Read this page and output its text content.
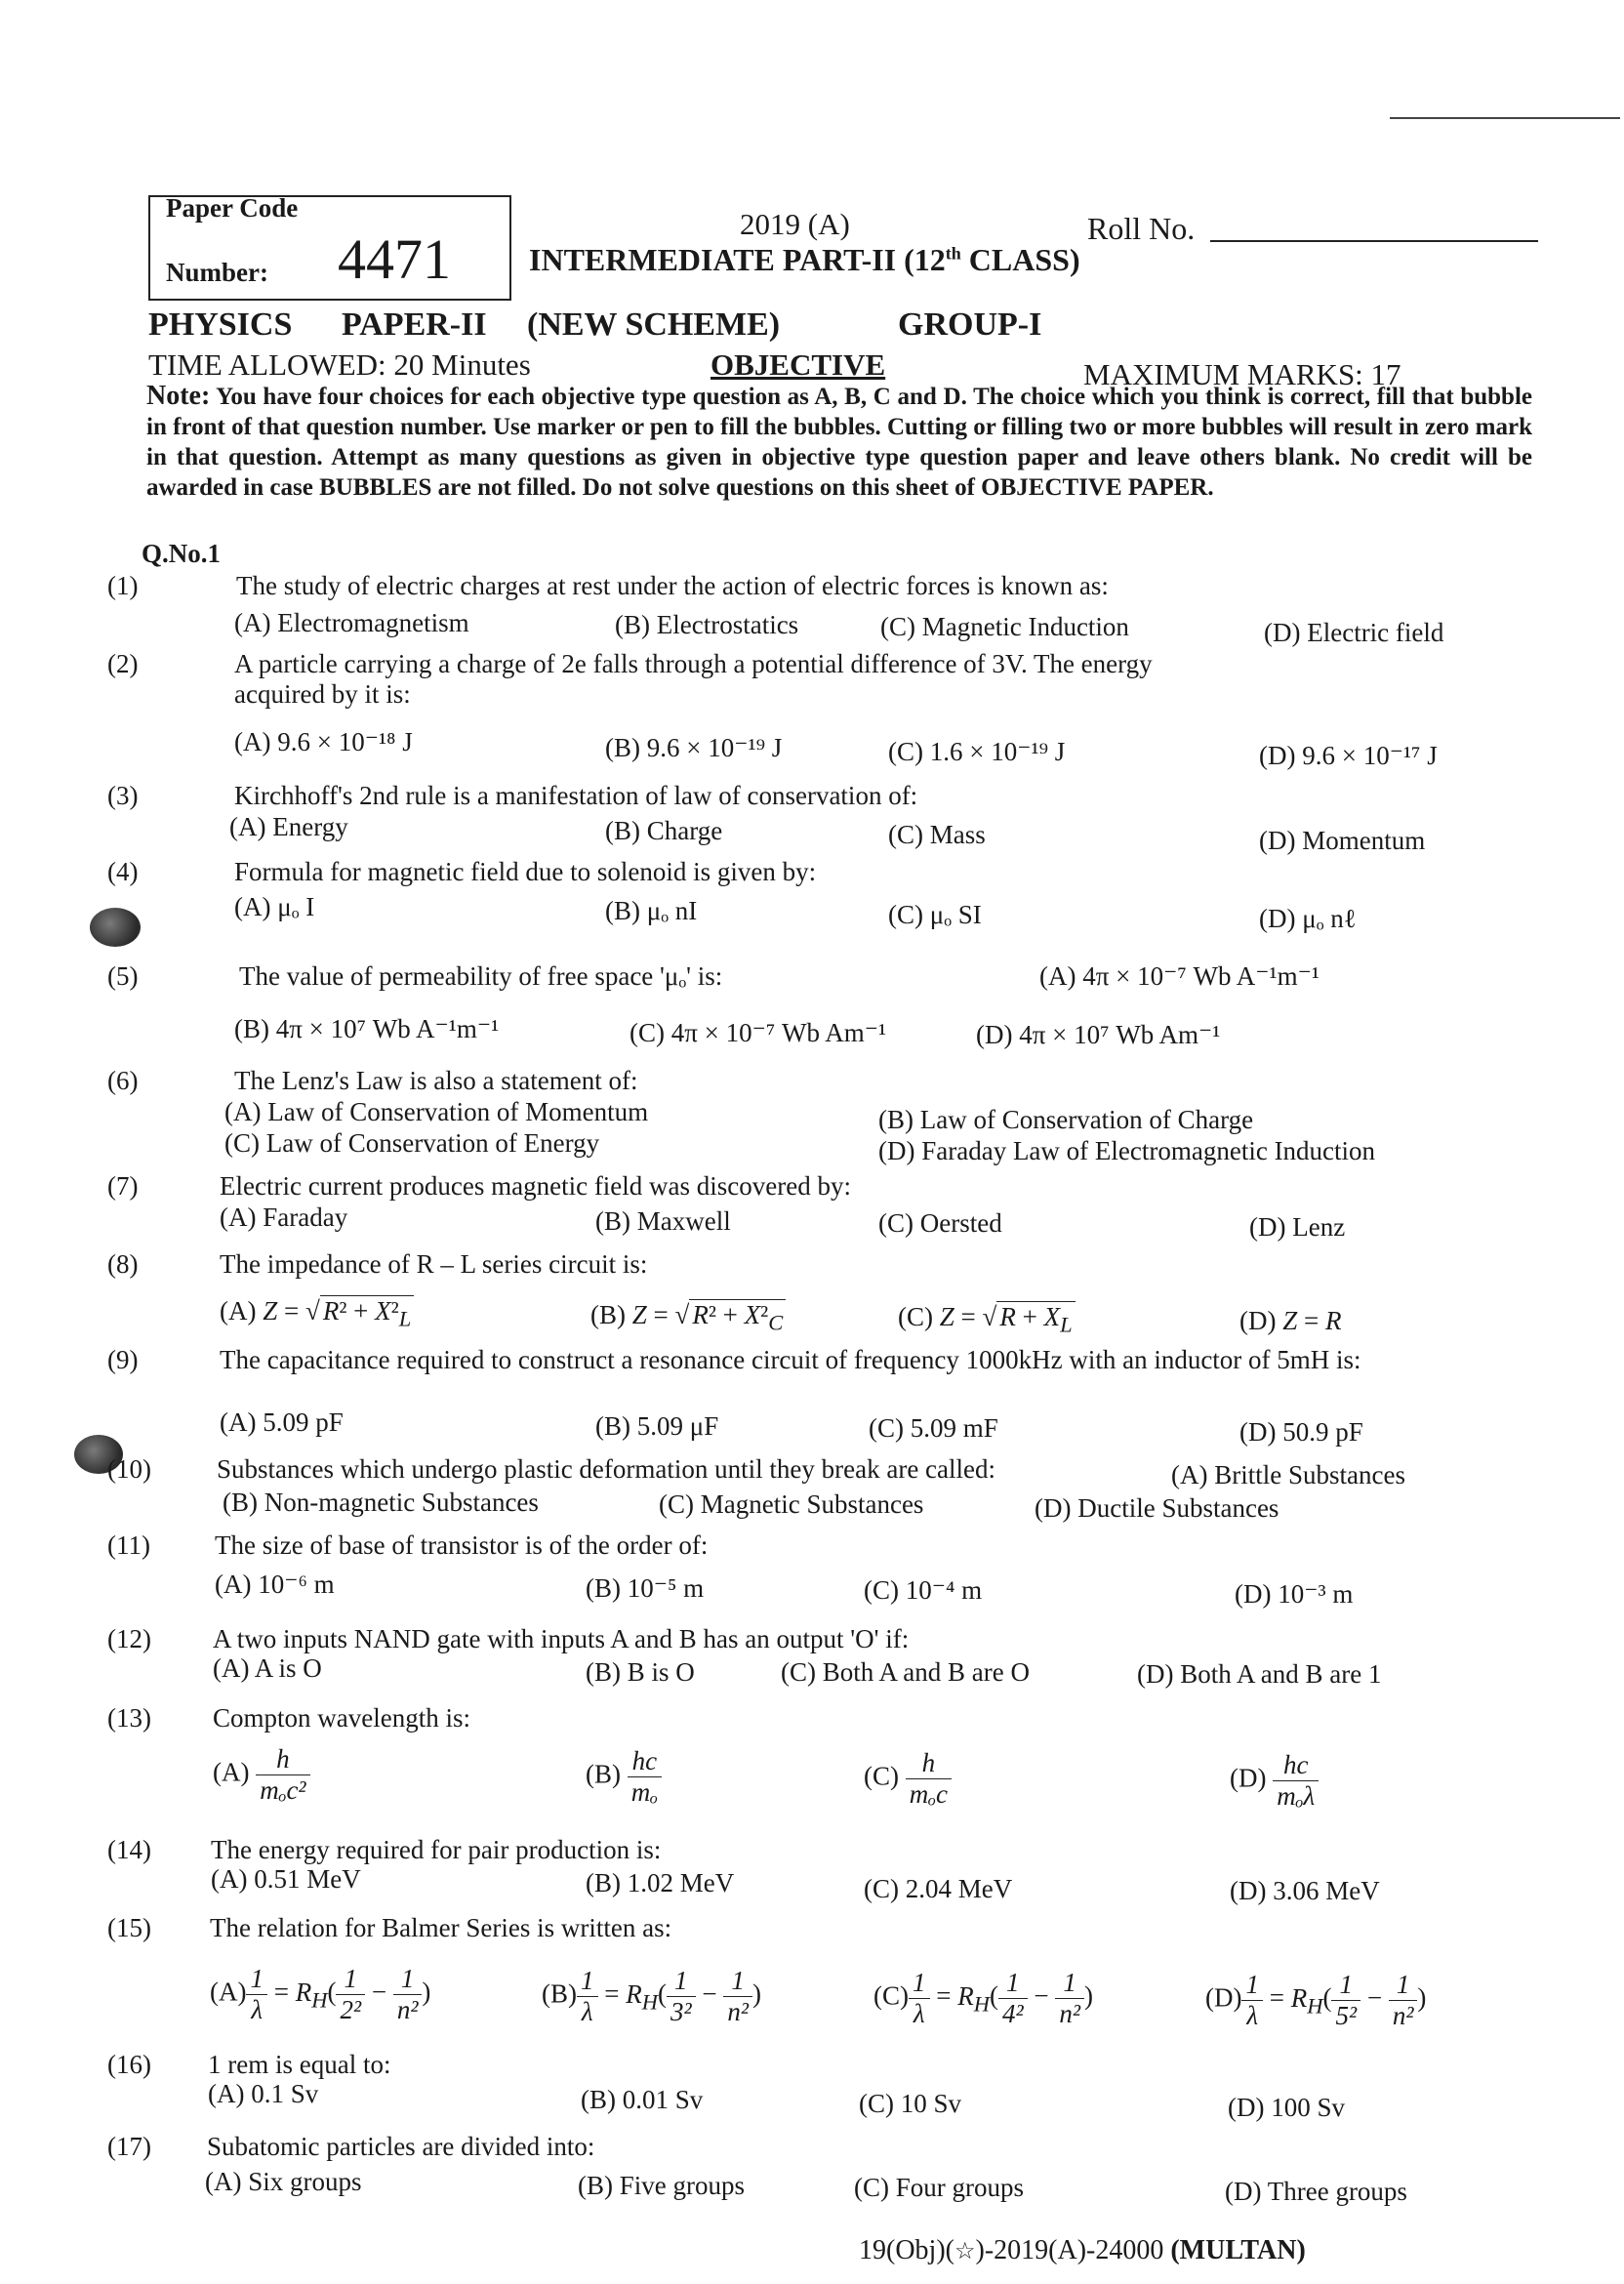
Paper Code
Number: 4471
2019 (A)
INTERMEDIATE PART-II (12th CLASS)
Roll No.
PHYSICS PAPER-II (NEW SCHEME)	GROUP-I
TIME ALLOWED: 20 Minutes	OBJECTIVE	MAXIMUM MARKS: 17
Note: You have four choices for each objective type question as A, B, C and D. The choice which you think is correct, fill that bubble in front of that question number. Use marker or pen to fill the bubbles. Cutting or filling two or more bubbles will result in zero mark in that question. Attempt as many questions as given in objective type question paper and leave others blank. No credit will be awarded in case BUBBLES are not filled. Do not solve questions on this sheet of OBJECTIVE PAPER.
Q.No.1
(1)	The study of electric charges at rest under the action of electric forces is known as:
(A) Electromagnetism	(B) Electrostatics	(C) Magnetic Induction	(D) Electric field
(2)	A particle carrying a charge of 2e falls through a potential difference of 3V. The energy acquired by it is:
(A) 9.6 × 10⁻¹⁸ J	(B) 9.6 × 10⁻¹⁹ J	(C) 1.6 × 10⁻¹⁹ J	(D) 9.6 × 10⁻¹⁷ J
(3)	Kirchhoff's 2nd rule is a manifestation of law of conservation of:
(A) Energy	(B) Charge	(C) Mass	(D) Momentum
(4)	Formula for magnetic field due to solenoid is given by:
(A) μₒ I	(B) μₒ nI	(C) μₒ SI	(D) μₒ nℓ
(5)	The value of permeability of free space 'μₒ' is:	(A) 4π × 10⁻⁷ Wb A⁻¹m⁻¹
(B) 4π × 10⁷ Wb A⁻¹m⁻¹	(C) 4π × 10⁻⁷ Wb Am⁻¹	(D) 4π × 10⁷ Wb Am⁻¹
(6)	The Lenz's Law is also a statement of:
(A) Law of Conservation of Momentum	(B) Law of Conservation of Charge
(C) Law of Conservation of Energy	(D) Faraday Law of Electromagnetic Induction
(7)	Electric current produces magnetic field was discovered by:
(A) Faraday	(B) Maxwell	(C) Oersted	(D) Lenz
(8)	The impedance of R – L series circuit is:
(A) Z = √ $R^2 + X^2_L$	(B) Z = √ $R^2 + X^2_C$	(C) Z = √ $R + X_L$	(D) Z = R
(9)	The capacitance required to construct a resonance circuit of frequency 1000kHz with an inductor of 5mH is:
(A) 5.09 pF	(B) 5.09 μF	(C) 5.09 mF	(D) 50.9 pF
(10) Substances which undergo plastic deformation until they break are called:	(A) Brittle Substances
(B) Non-magnetic Substances	(C) Magnetic Substances	(D) Ductile Substances
(11) The size of base of transistor is of the order of:
(A) 10⁻⁶ m	(B) 10⁻⁵ m	(C) 10⁻⁴ m	(D) 10⁻³ m
(12) A two inputs NAND gate with inputs A and B has an output 'O' if:
(A) A is O	(B) B is O	(C) Both A and B are O	(D) Both A and B are 1
(13) Compton wavelength is:
$(A) \frac{h}{\text{mₒc²}}$	$(B) \frac{hc}{\text{mₒ}}$	$(C) \frac{h}{\text{mₒc}}$	$(D) \frac{hc}{\text{mₒλ}}$
(14) The energy required for pair production is:
(A) 0.51 MeV	(B) 1.02 MeV	(C) 2.04 MeV	(D) 3.06 MeV
(15) The relation for Balmer Series is written as:
$(A) \frac{1}{\lambda} = R_H( \frac{1}{\text{2²}} - \frac{1}{\text{n²}}$ )	$(B) \frac{1}{\lambda} = R_H( \frac{1}{\text{3²}} - \frac{1}{\text{n²}}$ )	$(C) \frac{1}{\lambda} = R_H( \frac{1}{\text{4²}} - \frac{1}{\text{n²}}$ )	$(D) \frac{1}{\lambda} = R_H( \frac{1}{\text{5²}} - \frac{1}{\text{n²}}$ )
(16) 1 rem is equal to:
(A) 0.1 Sv	(B) 0.01 Sv	(C) 10 Sv	(D) 100 Sv
(17) Subatomic particles are divided into:
(A) Six groups	(B) Five groups	(C) Four groups	(D) Three groups
19(Obj)(☆)-2019(A)-24000 (MULTAN)
